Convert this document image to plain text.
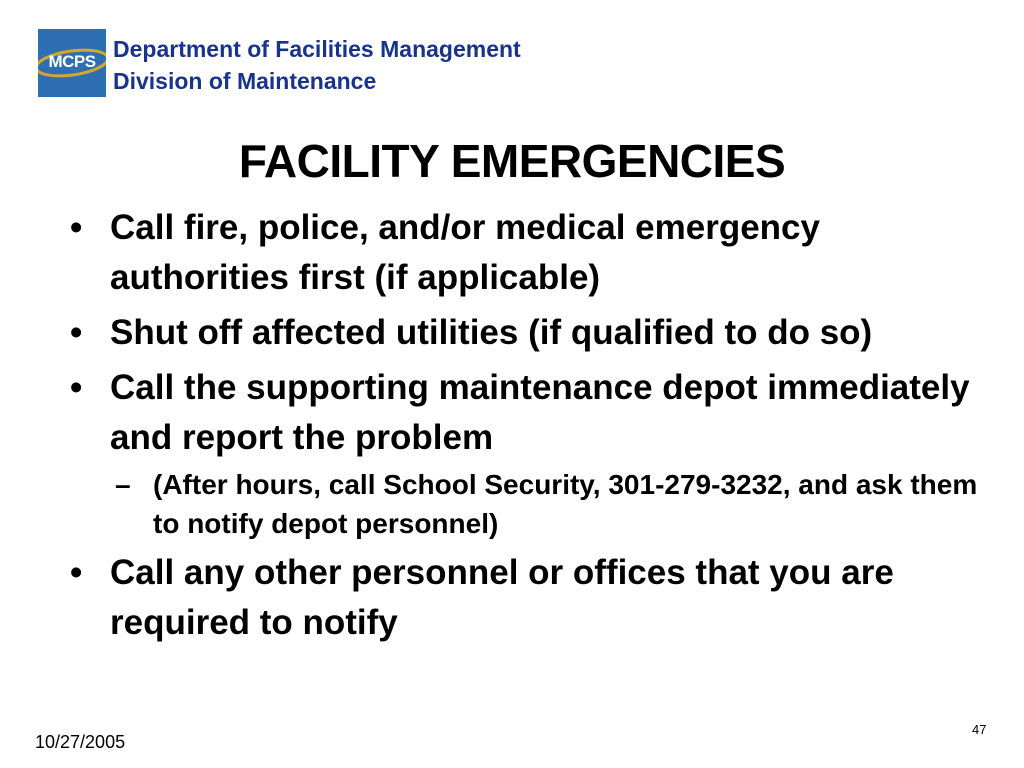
MCPS Department of Facilities Management
Division of Maintenance
FACILITY EMERGENCIES
• Call fire, police, and/or medical emergency authorities first (if applicable)
• Shut off affected utilities (if qualified to do so)
• Call the supporting maintenance depot immediately and report the problem
– (After hours, call School Security, 301-279-3232, and ask them to notify depot personnel)
• Call any other personnel or offices that you are required to notify
10/27/2005
47
